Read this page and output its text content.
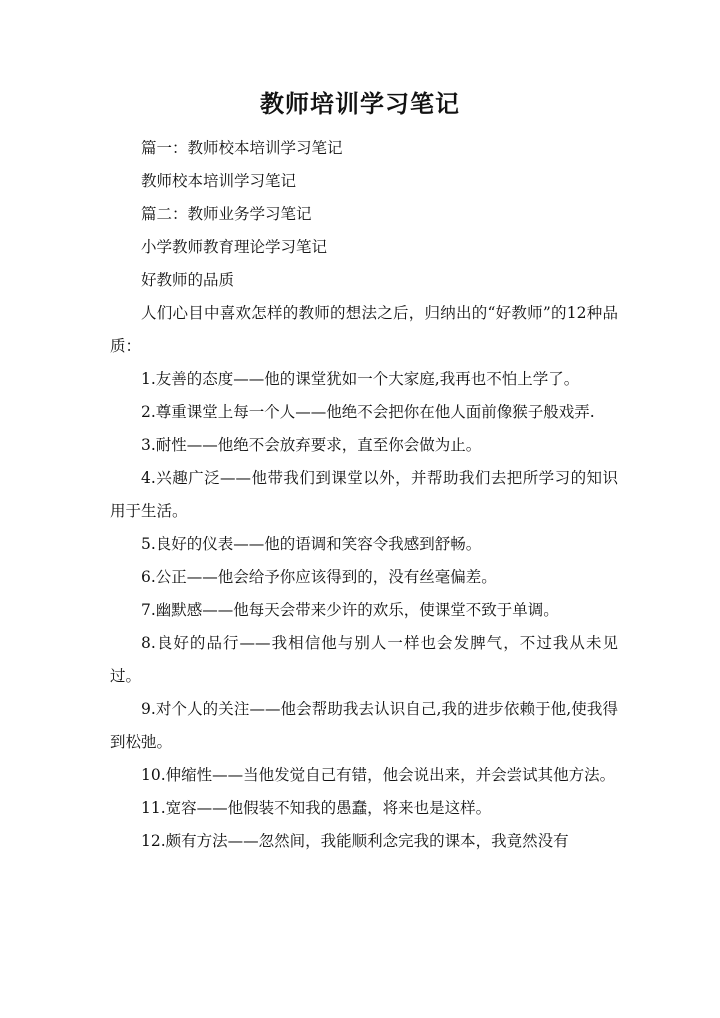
教师培训学习笔记

篇一：教师校本培训学习笔记

教师校本培训学习笔记

篇二：教师业务学习笔记

小学教师教育理论学习笔记

好教师的品质

人们心目中喜欢怎样的教师的想法之后，归纳出的“好教师”的12种品质：

1.友善的态度——他的课堂犹如一个大家庭,我再也不怕上学了。

2.尊重课堂上每一个人——他绝不会把你在他人面前像猴子般戏弄.

3.耐性——他绝不会放弃要求，直至你会做为止。

4.兴趣广泛——他带我们到课堂以外，并帮助我们去把所学习的知识用于生活。

5.良好的仪表——他的语调和笑容令我感到舒畅。

6.公正——他会给予你应该得到的，没有丝毫偏差。

7.幽默感——他每天会带来少许的欢乐，使课堂不致于单调。

8.良好的品行——我相信他与别人一样也会发脾气，不过我从未见过。

9.对个人的关注——他会帮助我去认识自己,我的进步依赖于他,使我得到松弛。

10.伸缩性——当他发觉自己有错，他会说出来，并会尝试其他方法。

11.宽容——他假装不知我的愚蠢，将来也是这样。

12.颇有方法——忽然间，我能顺利念完我的课本，我竟然没有
